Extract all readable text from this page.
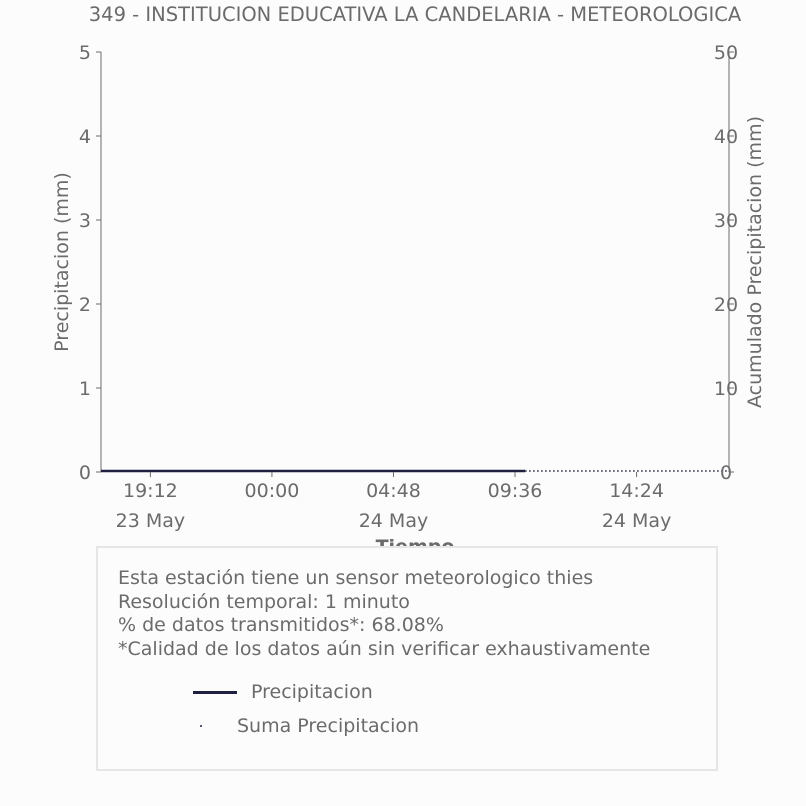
349 - INSTITUCION EDUCATIVA LA CANDELARIA - METEOROLOGICA
0
1
2
3
4
5
0
10
20
30
40
50
19:12
23 May
00:00	04:48
24 May
09:36	14:24
24 May
Precipitacion (mm)	Acumulado Precipitacion (mm)
Esta estación tiene un sensor meteorologico thies
Resolución temporal: 1 minuto
% de datos transmitidos*: 68.08%
*Calidad de los datos aún sin verificar exhaustivamente
Precipitacion
Suma Precipitacion
